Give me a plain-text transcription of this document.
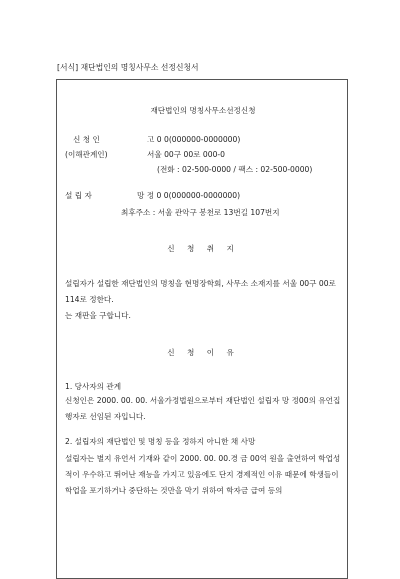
[서식] 재단법인의 명칭사무소 선정신청서
재단법인의 명칭사무소선정신청
신 청 인	고 0 0(000000-0000000)
(이해관계인)	서울 00구 00로 000-0
(전화 : 02-500-0000 / 팩스 : 02-500-0000)
설 립 자	망 정 0 0(000000-0000000)
최후주소 : 서울 관악구 봉천로 13번길 107번지
신 청 취 지
설립자가 설립한 재단법인의 명칭을 현명장학회, 사무소 소재지를 서울 00구 00로 114로 정한다.
는 재판을 구합니다.
신 청 이 유
1. 당사자의 관계
신청인은 2000. 00. 00. 서울가정법원으로부터 재단법인 설립자 망 정00의 유언집행자로 선임된 자입니다.
2. 설립자의 재단법인 및 명칭 등을 정하지 아니한 채 사망
설립자는 별지 유언서 기재와 같이 2000. 00. 00.경 금 00억 원을 출연하여 학업성적이 우수하고 뛰어난 재능을 가지고 있음에도 단지 경제적인 이유 때문에 학생들이 학업을 포기하거나 중단하는 것만을 막기 위하여 학자금 급여 등의
